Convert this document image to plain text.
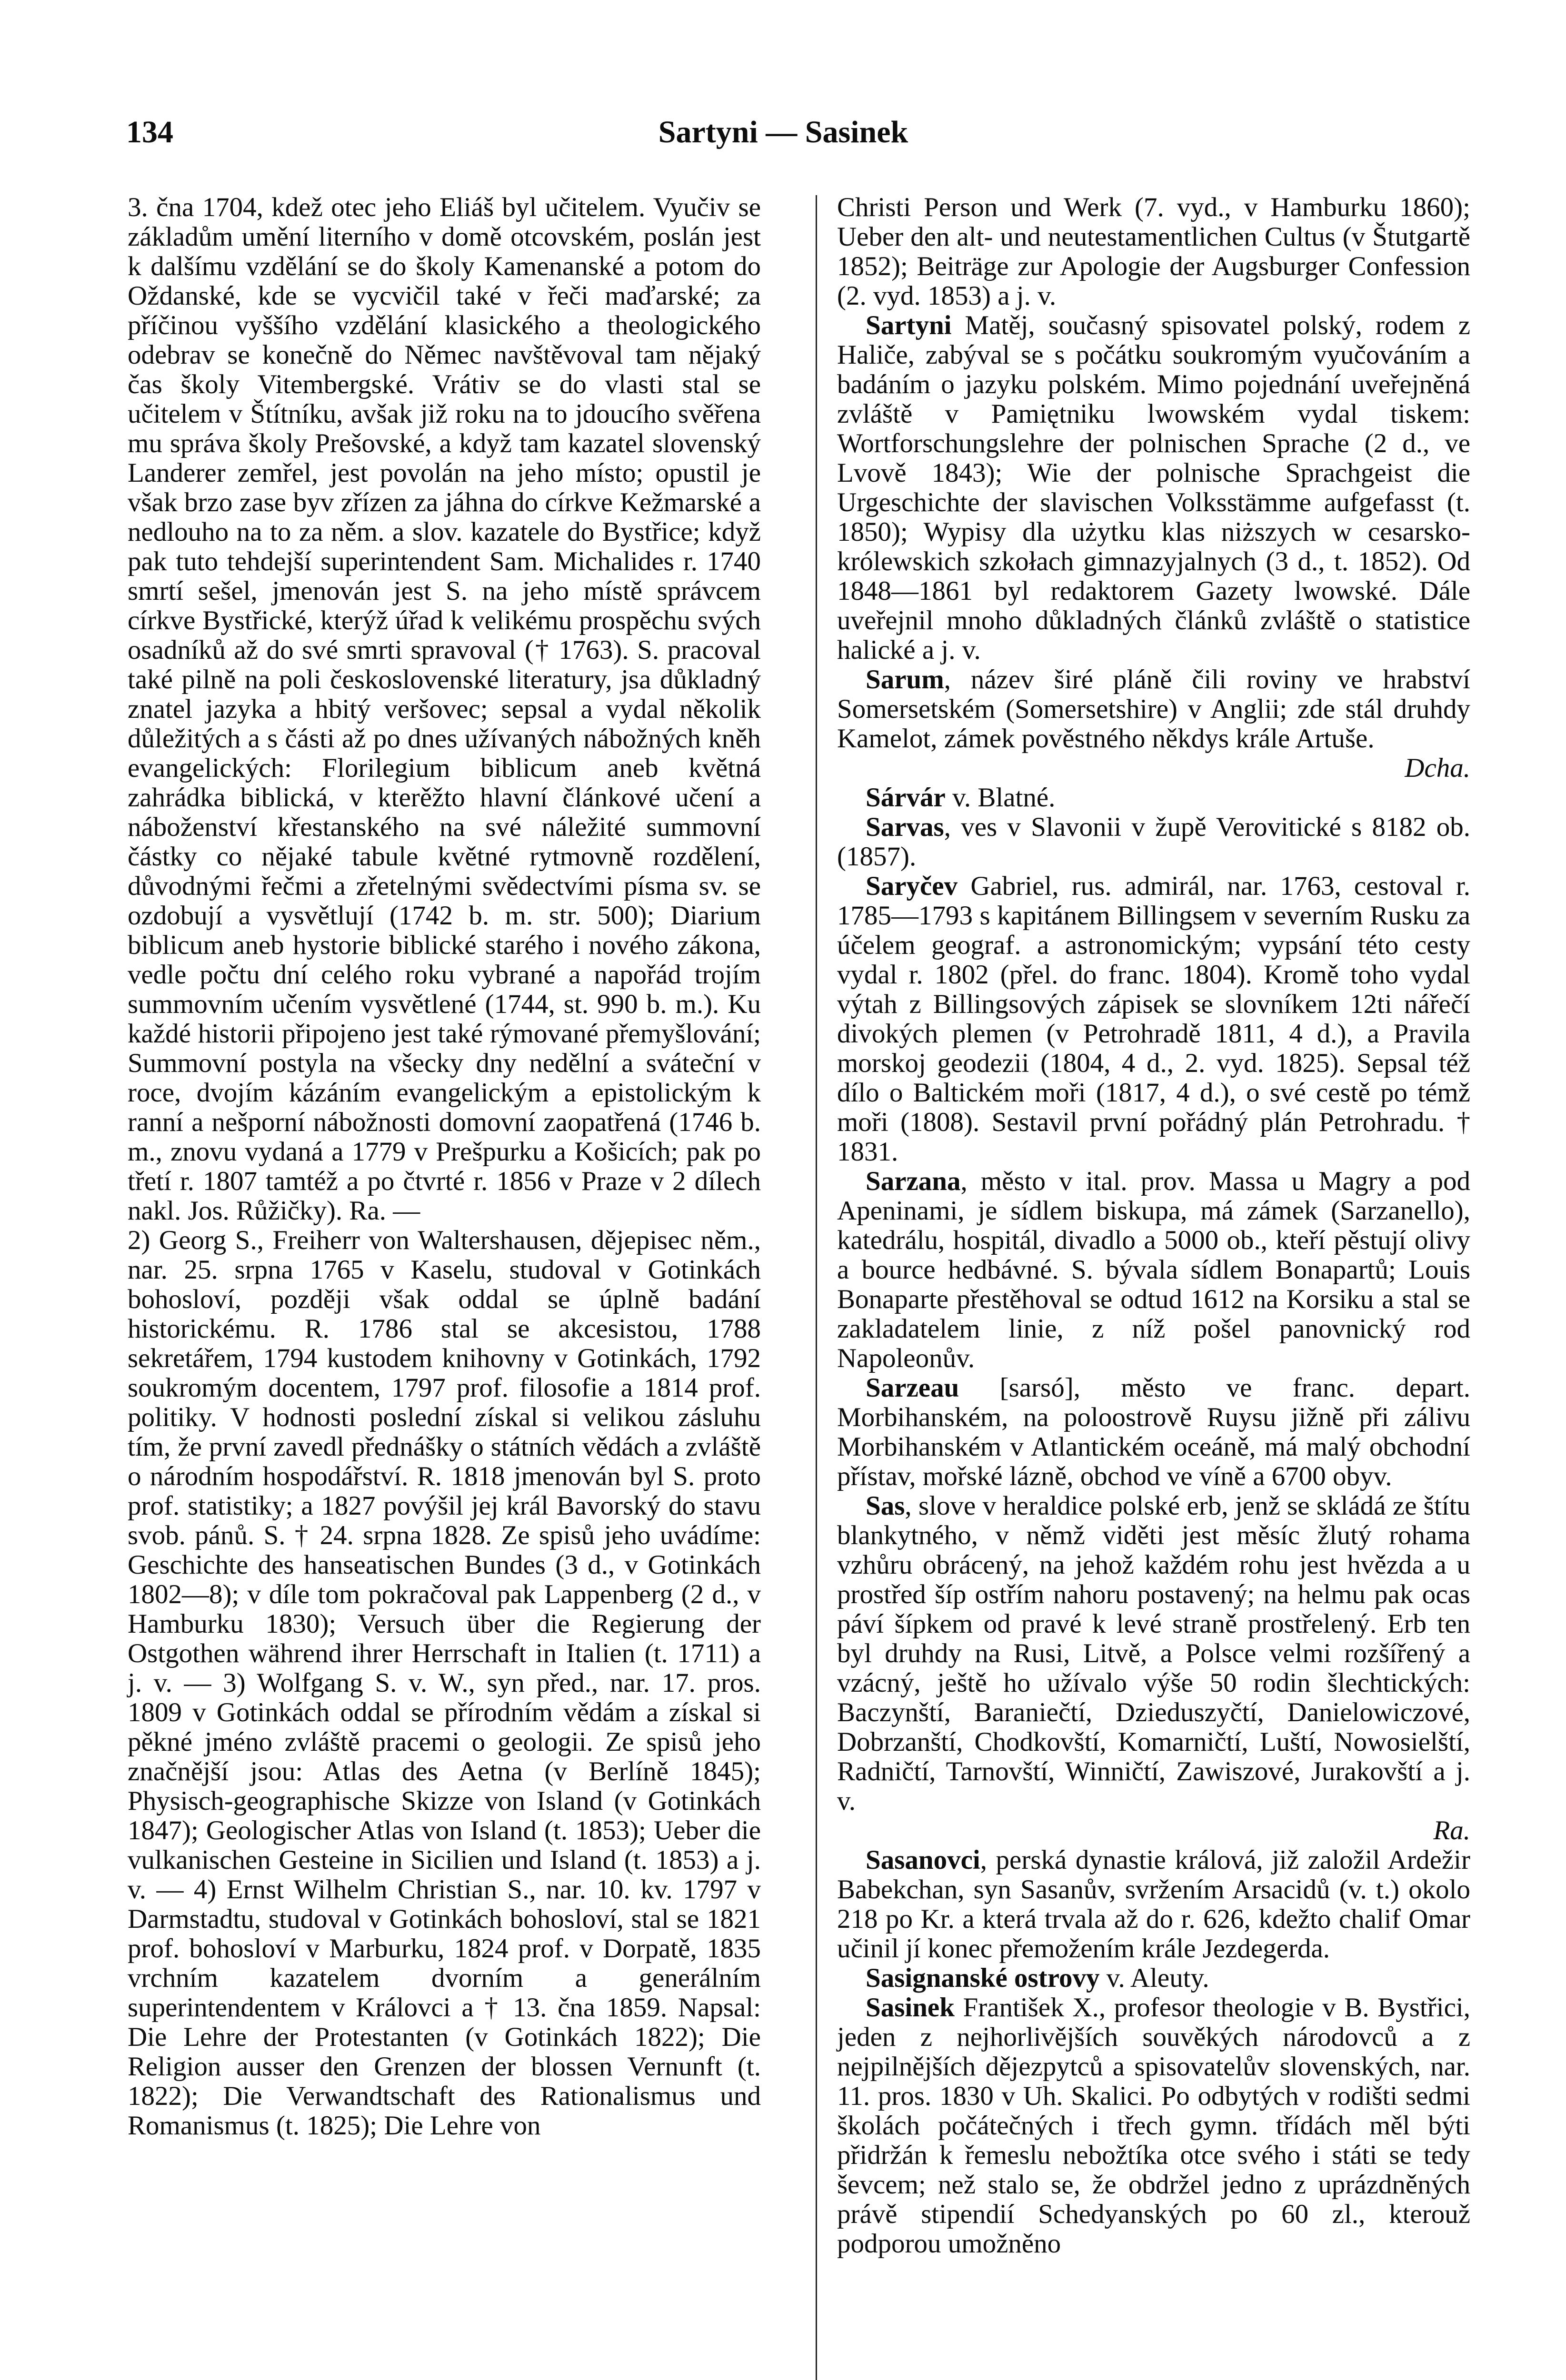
134	Sartyni — Sasinek

3. čna 1704, kdež otec jeho Eliáš byl učitelem. Vyučiv se základům umění literního v domě otcovském, poslán jest k dalšímu vzdělání se do školy Kamenanské a potom do Oždanské, kde se vycvičil také v řeči maďarské; za příčinou vyššího vzdělání klasického a theologického odebrav se konečně do Němec navštěvoval tam nějaký čas školy Vitembergské. Vrátiv se do vlasti stal se učitelem v Štítníku, avšak již roku na to jdoucího svěřena mu správa školy Prešovské, a když tam kazatel slovenský Landerer zemřel, jest povolán na jeho místo; opustil je však brzo zase byv zřízen za jáhna do církve Kežmarské a nedlouho na to za něm. a slov. kazatele do Bystřice; když pak tuto tehdejší superintendent Sam. Michalides r. 1740 smrtí sešel, jmenován jest S. na jeho místě správcem církve Bystřické, kterýž úřad k velikému prospěchu svých osadníků až do své smrti spravoval († 1763). S. pracoval také pilně na poli československé literatury, jsa důkladný znatel jazyka a hbitý veršovec; sepsal a vydal několik důležitých a s části až po dnes užívaných nábožných kněh evangelických: Florilegium biblicum aneb květná zahrádka biblická, v kterěžto hlavní článkové učení a náboženství křestanského na své náležité summovní částky co nějaké tabule květné rytmovně rozdělení, důvodnými řečmi a zřetelnými svědectvími písma sv. se ozdobují a vysvětlují (1742 b. m. str. 500); Diarium biblicum aneb hystorie biblické starého i nového zákona, vedle počtu dní celého roku vybrané a napořád trojím summovním učením vysvětlené (1744, st. 990 b. m.). Ku každé historii připojeno jest také rýmované přemyšlování; Summovní postyla na všecky dny nedělní a sváteční v roce, dvojím kázáním evangelickým a epistolickým k ranní a nešporní nábožnosti domovní zaopatřená (1746 b. m., znovu vydaná a 1779 v Prešpurku a Košicích; pak po třetí r. 1807 tamtéž a po čtvrté r. 1856 v Praze v 2 dílech nakl. Jos. Růžičky). Ra. —

2) Georg S., Freiherr von Waltershausen, dějepisec něm., nar. 25. srpna 1765 v Kaselu, studoval v Gotinkách bohosloví, později však oddal se úplně badání historickému. R. 1786 stal se akcesistou, 1788 sekretářem, 1794 kustodem knihovny v Gotinkách, 1792 soukromým docentem, 1797 prof. filosofie a 1814 prof. politiky. V hodnosti poslední získal si velikou zásluhu tím, že první zavedl přednášky o státních vědách a zvláště o národním hospodářství. R. 1818 jmenován byl S. proto prof. statistiky; a 1827 povýšil jej král Bavorský do stavu svob. pánů. S. † 24. srpna 1828. Ze spisů jeho uvádíme: Geschichte des hanseatischen Bundes (3 d., v Gotinkách 1802—8); v díle tom pokračoval pak Lappenberg (2 d., v Hamburku 1830); Versuch über die Regierung der Ostgothen während ihrer Herrschaft in Italien (t. 1711) a j. v. — 3) Wolfgang S. v. W., syn před., nar. 17. pros. 1809 v Gotinkách oddal se přírodním vědám a získal si pěkné jméno zvláště pracemi o geologii. Ze spisů jeho značnější jsou: Atlas des Aetna (v Berlíně 1845); Physisch-geographische Skizze von Island (v Gotinkách 1847); Geologischer Atlas von Island (t. 1853); Ueber die vulkanischen Gesteine in Sicilien und Island (t. 1853) a j. v. — 4) Ernst Wilhelm Christian S., nar. 10. kv. 1797 v Darmstadtu, studoval v Gotinkách bohosloví, stal se 1821 prof. bohosloví v Marburku, 1824 prof. v Dorpatě, 1835 vrchním kazatelem dvorním a generálním superintendentem v Královci a † 13. čna 1859. Napsal: Die Lehre der Protestanten (v Gotinkách 1822); Die Religion ausser den Grenzen der blossen Vernunft (t. 1822); Die Verwandtschaft des Rationalismus und Romanismus (t. 1825); Die Lehre von

Christi Person und Werk (7. vyd., v Hamburku 1860); Ueber den alt- und neutestamentlichen Cultus (v Štutgartě 1852); Beiträge zur Apologie der Augsburger Confession (2. vyd. 1853) a j. v.

Sartyni Matěj, současný spisovatel polský, rodem z Haliče, zabýval se s počátku soukromým vyučováním a badáním o jazyku polském. Mimo pojednání uveřejněná zvláště v Pamiętniku lwowském vydal tiskem: Wortforschungslehre der polnischen Sprache (2 d., ve Lvově 1843); Wie der polnische Sprachgeist die Urgeschichte der slavischen Volksstämme aufgefasst (t. 1850); Wypisy dla użytku klas niższych w cesarsko-królewskich szkołach gimnazyjalnych (3 d., t. 1852). Od 1848—1861 byl redaktorem Gazety lwowské. Dále uveřejnil mnoho důkladných článků zvláště o statistice halické a j. v.

Sarum, název širé pláně čili roviny ve hrabství Somersetském (Somersetshire) v Anglii; zde stál druhdy Kamelot, zámek pověstného někdys krále Artuše.
Dcha.

Sárvár v. Blatné.

Sarvas, ves v Slavonii v župě Verovitické s 8182 ob. (1857).

Saryčev Gabriel, rus. admirál, nar. 1763, cestoval r. 1785—1793 s kapitánem Billingsem v severním Rusku za účelem geograf. a astronomickým; vypsání této cesty vydal r. 1802 (přel. do franc. 1804). Kromě toho vydal výtah z Billingsových zápisek se slovníkem 12ti nářečí divokých plemen (v Petrohradě 1811, 4 d.), a Pravila morskoj geodezii (1804, 4 d., 2. vyd. 1825). Sepsal též dílo o Baltickém moři (1817, 4 d.), o své cestě po témž moři (1808). Sestavil první pořádný plán Petrohradu. † 1831.

Sarzana, město v ital. prov. Massa u Magry a pod Apeninami, je sídlem biskupa, má zámek (Sarzanello), katedrálu, hospitál, divadlo a 5000 ob., kteří pěstují olivy a bource hedbávné. S. bývala sídlem Bonapartů; Louis Bonaparte přestěhoval se odtud 1612 na Korsiku a stal se zakladatelem linie, z níž pošel panovnický rod Napoleonův.

Sarzeau [sarsó], město ve franc. depart. Morbihanském, na poloostrově Ruysu jižně při zálivu Morbihanském v Atlantickém oceáně, má malý obchodní přístav, mořské lázně, obchod ve víně a 6700 obyv.

Sas, slove v heraldice polské erb, jenž se skládá ze štítu blankytného, v němž viděti jest měsíc žlutý rohama vzhůru obrácený, na jehož každém rohu jest hvězda a u prostřed šíp ostřím nahoru postavený; na helmu pak ocas páví šípkem od pravé k levé straně prostřelený. Erb ten byl druhdy na Rusi, Litvě, a Polsce velmi rozšířený a vzácný, ještě ho užívalo výše 50 rodin šlechtických: Baczynští, Baraniečtí, Dzieduszyčtí, Danielowiczové, Dobrzanští, Chodkovští, Komarničtí, Luští, Nowosielští, Radničtí, Tarnovští, Winničtí, Zawiszové, Jurakovští a j. v.
Ra.

Sasanovci, perská dynastie králová, již založil Ardežir Babekchan, syn Sasanův, svržením Arsacidů (v. t.) okolo 218 po Kr. a která trvala až do r. 626, kdežto chalif Omar učinil jí konec přemožením krále Jezdegerda.

Sasignanské ostrovy v. Aleuty.

Sasinek František X., profesor theologie v B. Bystřici, jeden z nejhorlivějších souvěkých národovců a z nejpilnějších dějezpytců a spisovatelův slovenských, nar. 11. pros. 1830 v Uh. Skalici. Po odbytých v rodišti sedmi školách počátečných i třech gymn. třídách měl býti přidržán k řemeslu nebožtíka otce svého i státi se tedy ševcem; než stalo se, že obdržel jedno z uprázdněných právě stipendií Schedyanských po 60 zl., kterouž podporou umožněno
